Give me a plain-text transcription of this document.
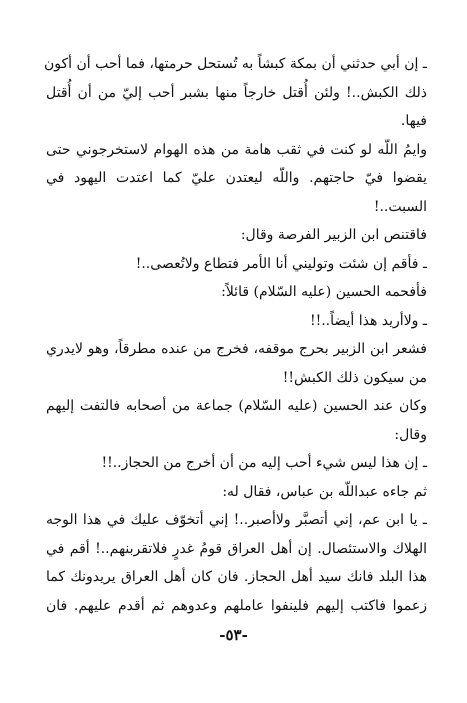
ـ إن أبي حدثني أن بمكة كبشاً به تُستحل حرمتها، فما أحب أن أكون
ذلك الكبش..! ولئن أُقتل خارجاً منها بشبر أحب إليّ من أن أُقتل
فيها.
وايمُ اللّه لو كنت في ثقب هامة من هذه الهوام لاستخرجوني حتى
يقضوا فيّ حاجتهم. واللّه ليعتدن عليّ كما اعتدت اليهود في
السبت..!
فاقتنص ابن الزبير الفرصة وقال:
ـ فأقم إن شئت وتوليني أنا الأمر فتطاع ولاتُعصى..!
فأفحمه الحسين (عليه السّلام) قائلاً:
ـ ولاأريد هذا أيضاً..!!
فشعر ابن الزبير بحرج موقفه، فخرج من عنده مطرقاً، وهو لايدري
من سيكون ذلك الكبش!!
وكان عند الحسين (عليه السّلام) جماعة من أصحابه فالتفت إليهم
وقال:
ـ إن هذا ليس شيء أحب إليه من أن أخرج من الحجاز..!!
ثم جاءه عبداللّه بن عباس، فقال له:
ـ يا ابن عم، إني أتصبَّر ولاأصبر..! إني أتخوّف عليك في هذا الوجه
الهلاك والاستئصال. إن أهل العراق قومُ غدرٍ فلاتقربنهم..! أقم في
هذا البلد فانك سيد أهل الحجاز. فان كان أهل العراق يريدونك كما
زعموا فاكتب إليهم فلينفوا عاملهم وعدوهم ثم أقدم عليهم. فان
-٥٣-
